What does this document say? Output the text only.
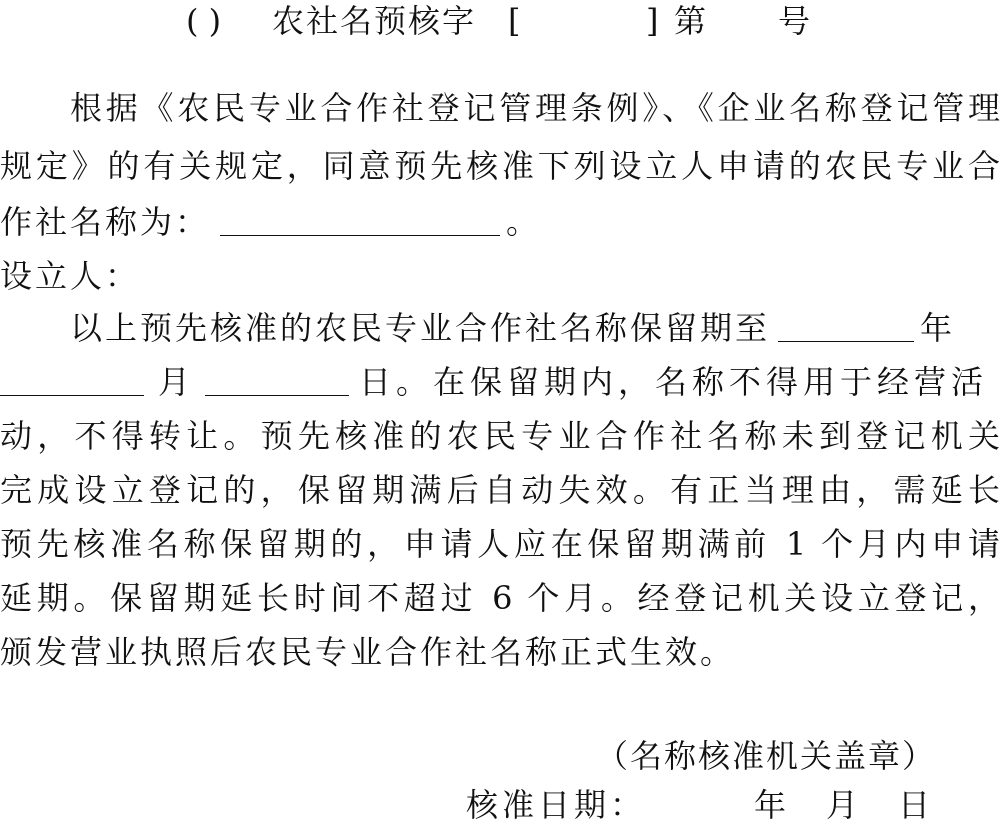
( ) 农社名预核字 [	] 第 号
根据《农民专业合作社登记管理条例》、《企业名称登记管理
规定》的有关规定，同意预先核准下列设立人申请的农民专业合
作社名称为：	。
设立人：
以上预先核准的农民专业合作社名称保留期至	年
月	日。在保留期内，名称不得用于经营活
动，不得转让。预先核准的农民专业合作社名称未到登记机关
完成设立登记的，保留期满后自动失效。有正当理由，需延长
预先核准名称保留期的，申请人应在保留期满前 1 个月内申请
延期。保留期延长时间不超过 6 个月。经登记机关设立登记，
颁发营业执照后农民专业合作社名称正式生效。
（名称核准机关盖章）
核准日期：	年 月 日
